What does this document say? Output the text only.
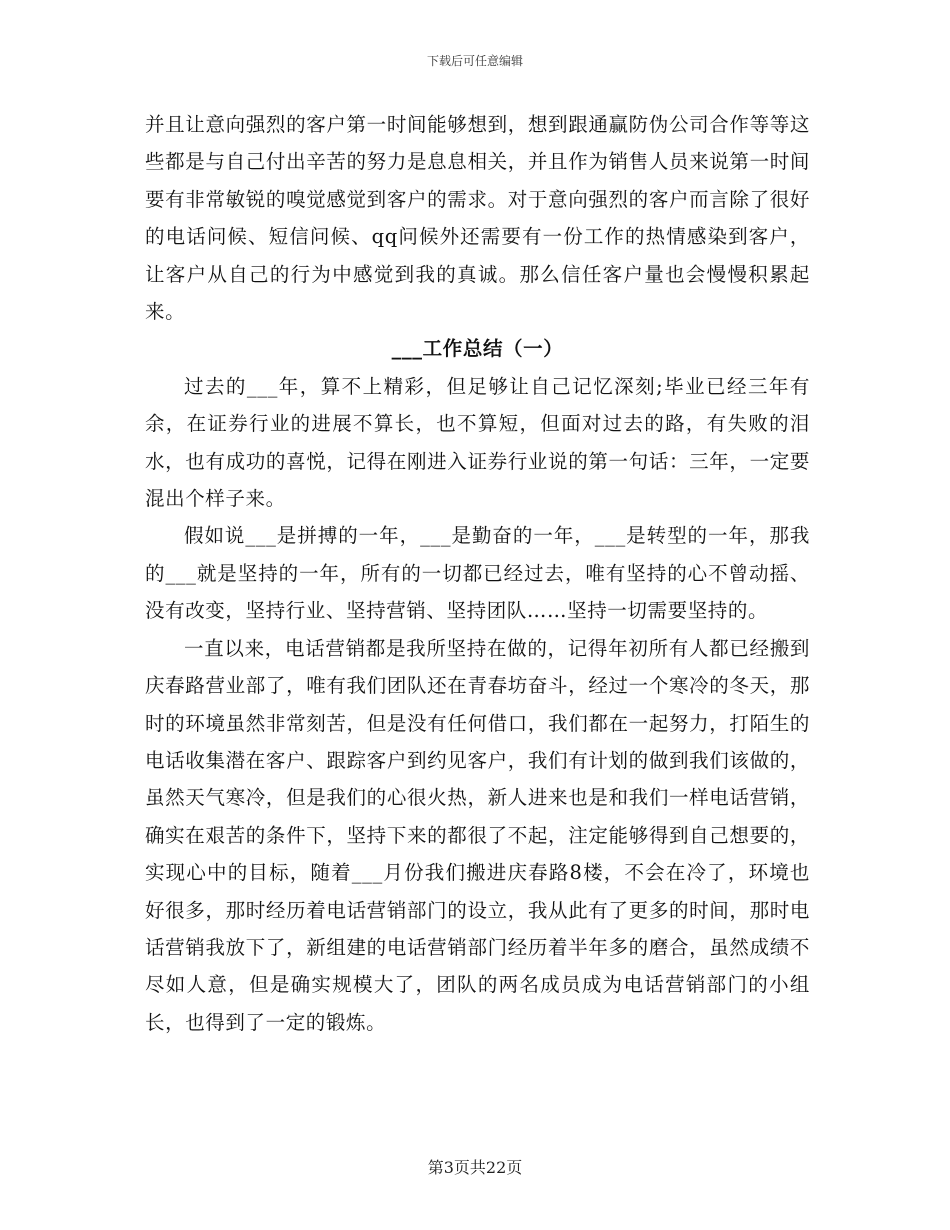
下载后可任意编辑

并且让意向强烈的客户第一时间能够想到，想到跟通赢防伪公司合作等等这些都是与自己付出辛苦的努力是息息相关，并且作为销售人员来说第一时间要有非常敏锐的嗅觉感觉到客户的需求。对于意向强烈的客户而言除了很好的电话问候、短信问候、qq问候外还需要有一份工作的热情感染到客户，让客户从自己的行为中感觉到我的真诚。那么信任客户量也会慢慢积累起来。

___工作总结（一）

过去的___年，算不上精彩，但足够让自己记忆深刻;毕业已经三年有余，在证券行业的进展不算长，也不算短，但面对过去的路，有失败的泪水，也有成功的喜悦，记得在刚进入证券行业说的第一句话：三年，一定要混出个样子来。

假如说___是拼搏的一年，___是勤奋的一年，___是转型的一年，那我的___就是坚持的一年，所有的一切都已经过去，唯有坚持的心不曾动摇、没有改变，坚持行业、坚持营销、坚持团队……坚持一切需要坚持的。

一直以来，电话营销都是我所坚持在做的，记得年初所有人都已经搬到庆春路营业部了，唯有我们团队还在青春坊奋斗，经过一个寒冷的冬天，那时的环境虽然非常刻苦，但是没有任何借口，我们都在一起努力，打陌生的电话收集潜在客户、跟踪客户到约见客户，我们有计划的做到我们该做的，虽然天气寒冷，但是我们的心很火热，新人进来也是和我们一样电话营销，确实在艰苦的条件下，坚持下来的都很了不起，注定能够得到自己想要的，实现心中的目标，随着___月份我们搬进庆春路8楼，不会在冷了，环境也好很多，那时经历着电话营销部门的设立，我从此有了更多的时间，那时电话营销我放下了，新组建的电话营销部门经历着半年多的磨合，虽然成绩不尽如人意，但是确实规模大了，团队的两名成员成为电话营销部门的小组长，也得到了一定的锻炼。

第3页共22页
